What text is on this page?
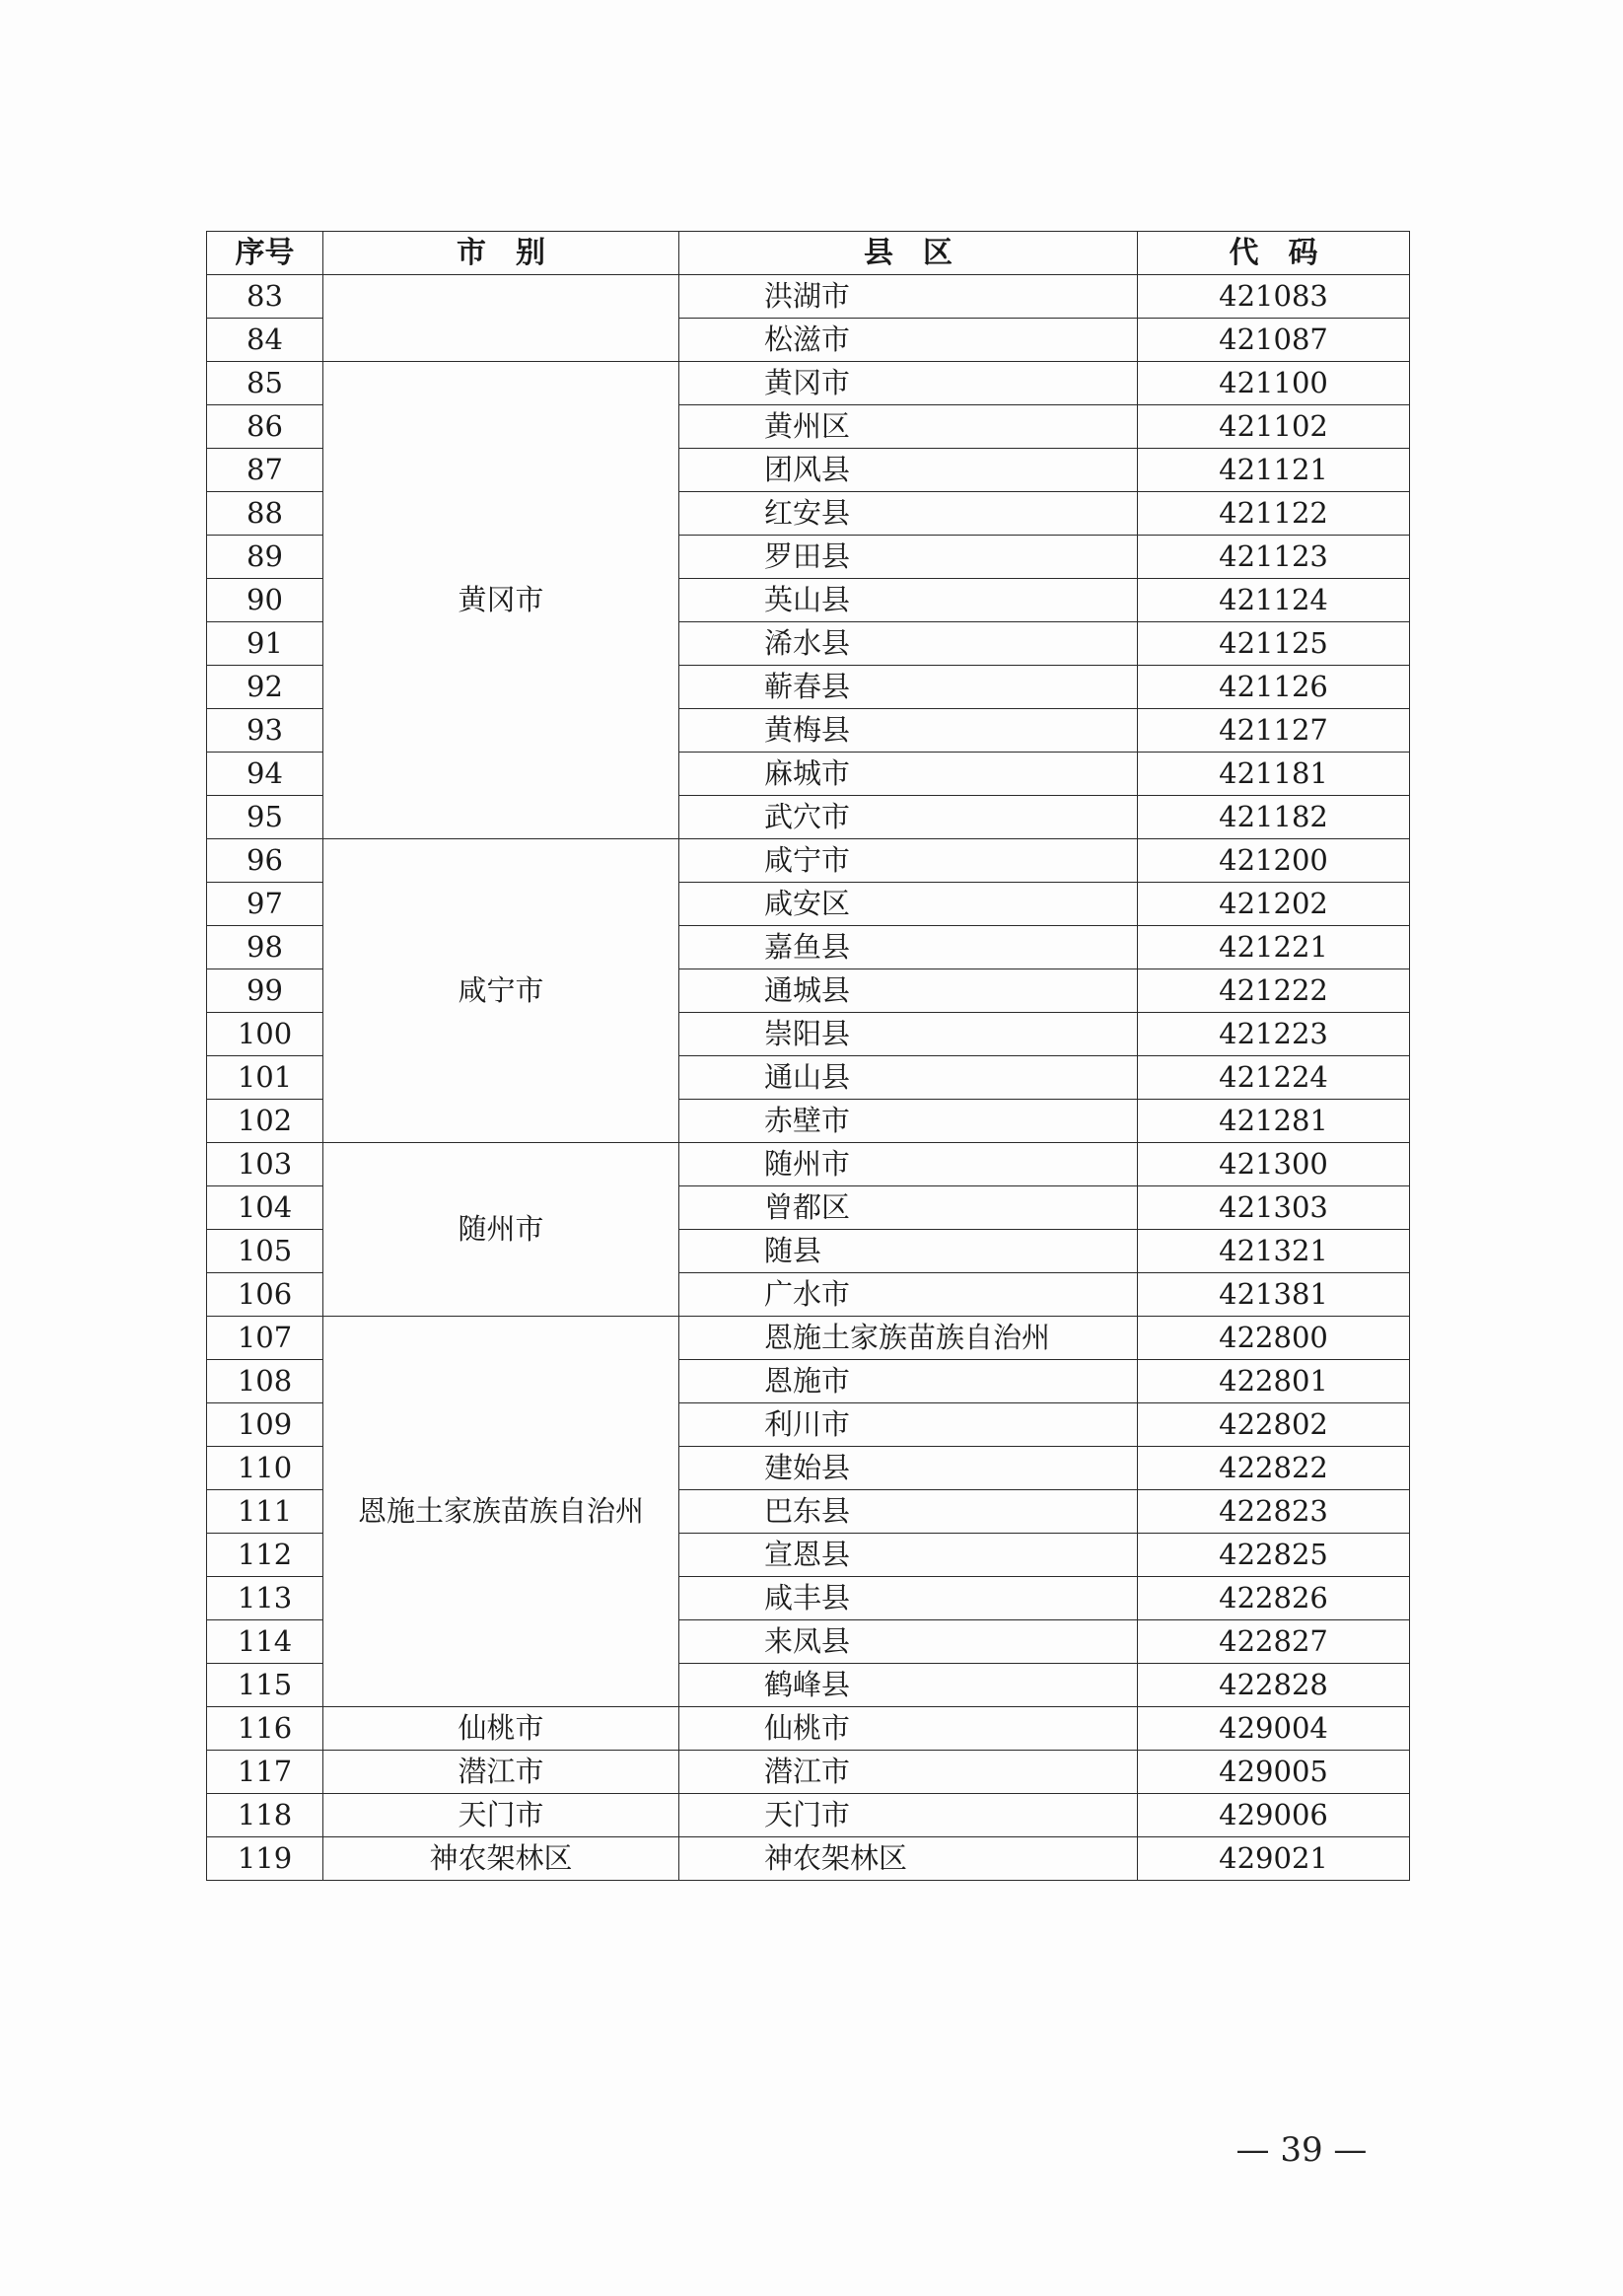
序号	市　别	县　区	代　码
83		洪湖市	421083
84		松滋市	421087
85	黄冈市	黄冈市	421100
86		黄州区	421102
87		团风县	421121
88		红安县	421122
89		罗田县	421123
90		英山县	421124
91		浠水县	421125
92		蕲春县	421126
93		黄梅县	421127
94		麻城市	421181
95		武穴市	421182
96	咸宁市	咸宁市	421200
97		咸安区	421202
98		嘉鱼县	421221
99		通城县	421222
100		崇阳县	421223
101		通山县	421224
102		赤壁市	421281
103	随州市	随州市	421300
104		曾都区	421303
105		随县	421321
106		广水市	421381
107	恩施土家族苗族自治州	恩施土家族苗族自治州	422800
108		恩施市	422801
109		利川市	422802
110		建始县	422822
111		巴东县	422823
112		宣恩县	422825
113		咸丰县	422826
114		来凤县	422827
115		鹤峰县	422828
116	仙桃市	仙桃市	429004
117	潜江市	潜江市	429005
118	天门市	天门市	429006
119	神农架林区	神农架林区	429021
— 39 —
